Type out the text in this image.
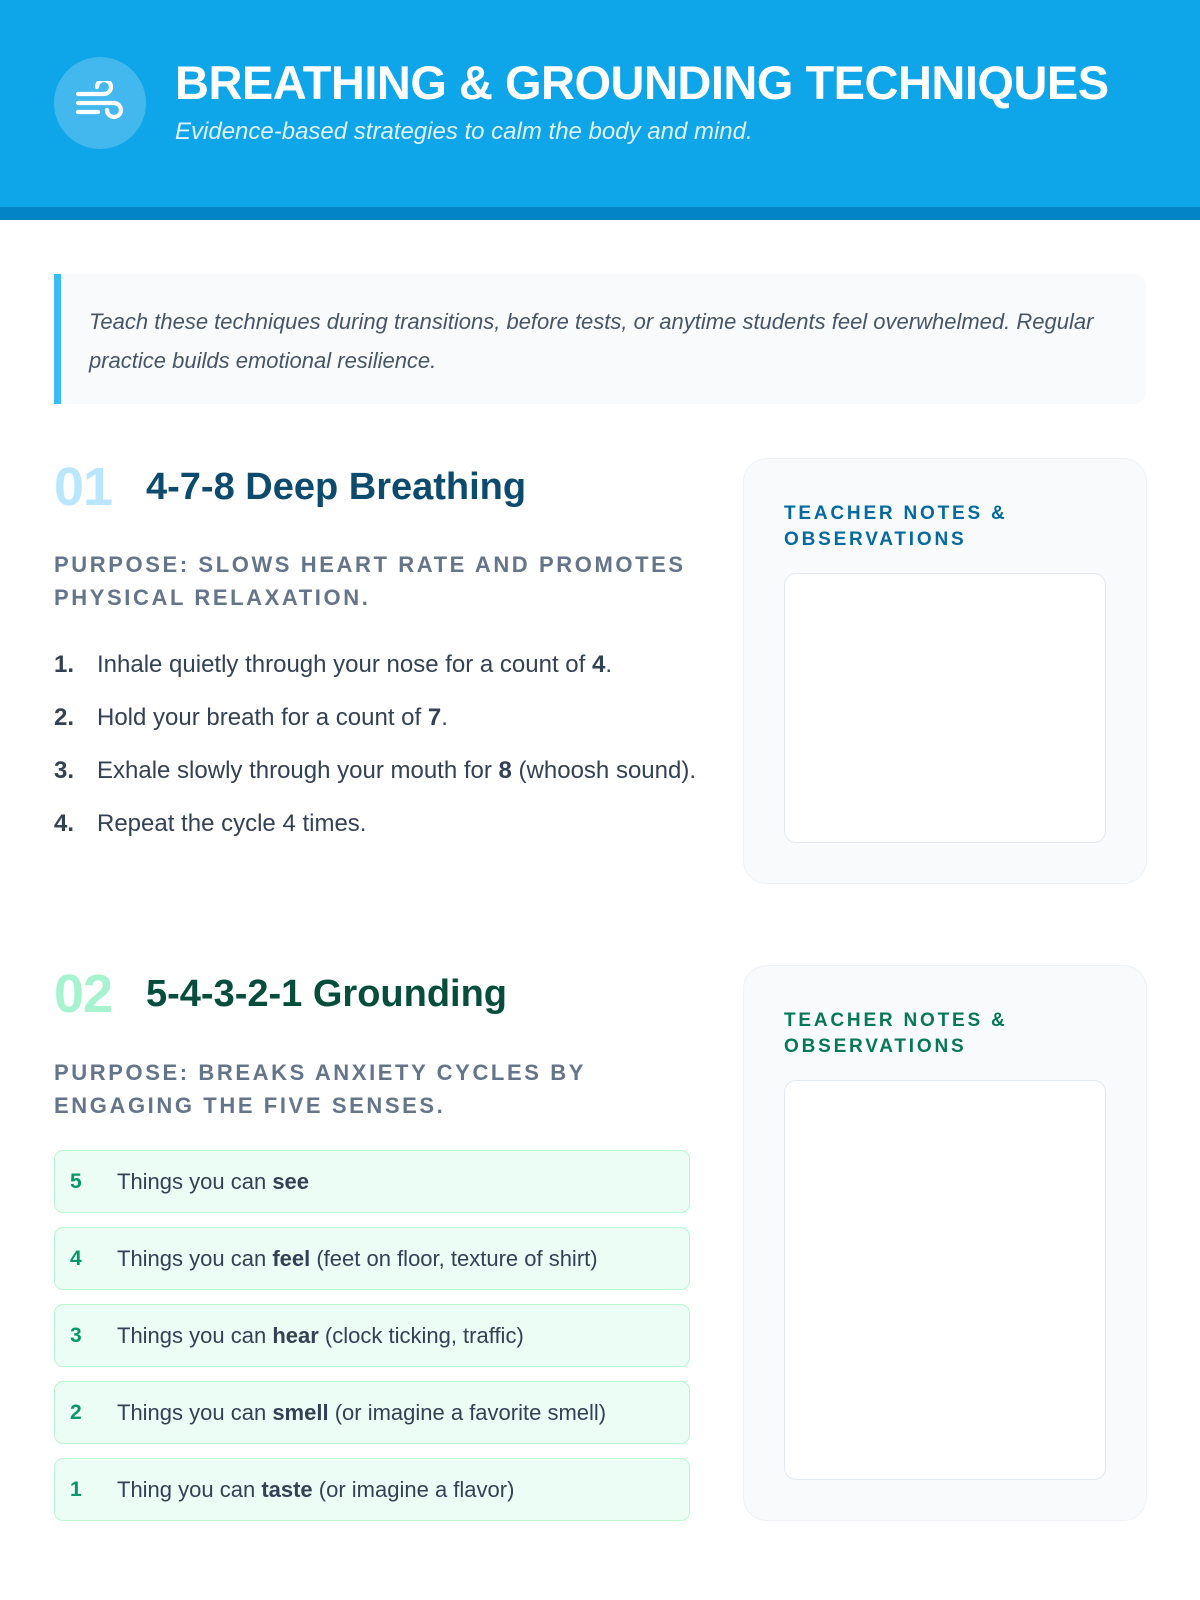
BREATHING & GROUNDING TECHNIQUES
Evidence-based strategies to calm the body and mind.

Teach these techniques during transitions, before tests, or anytime students feel overwhelmed. Regular practice builds emotional resilience.

01 4-7-8 Deep Breathing
PURPOSE: SLOWS HEART RATE AND PROMOTES PHYSICAL RELAXATION.
1. Inhale quietly through your nose for a count of 4.
2. Hold your breath for a count of 7.
3. Exhale slowly through your mouth for 8 (whoosh sound).
4. Repeat the cycle 4 times.
TEACHER NOTES & OBSERVATIONS
02 5-4-3-2-1 Grounding
PURPOSE: BREAKS ANXIETY CYCLES BY ENGAGING THE FIVE SENSES.
5	Things you can see
4	Things you can feel (feet on floor, texture of shirt)
3	Things you can hear (clock ticking, traffic)
2	Things you can smell (or imagine a favorite smell)
1	Thing you can taste (or imagine a flavor)
TEACHER NOTES & OBSERVATIONS
